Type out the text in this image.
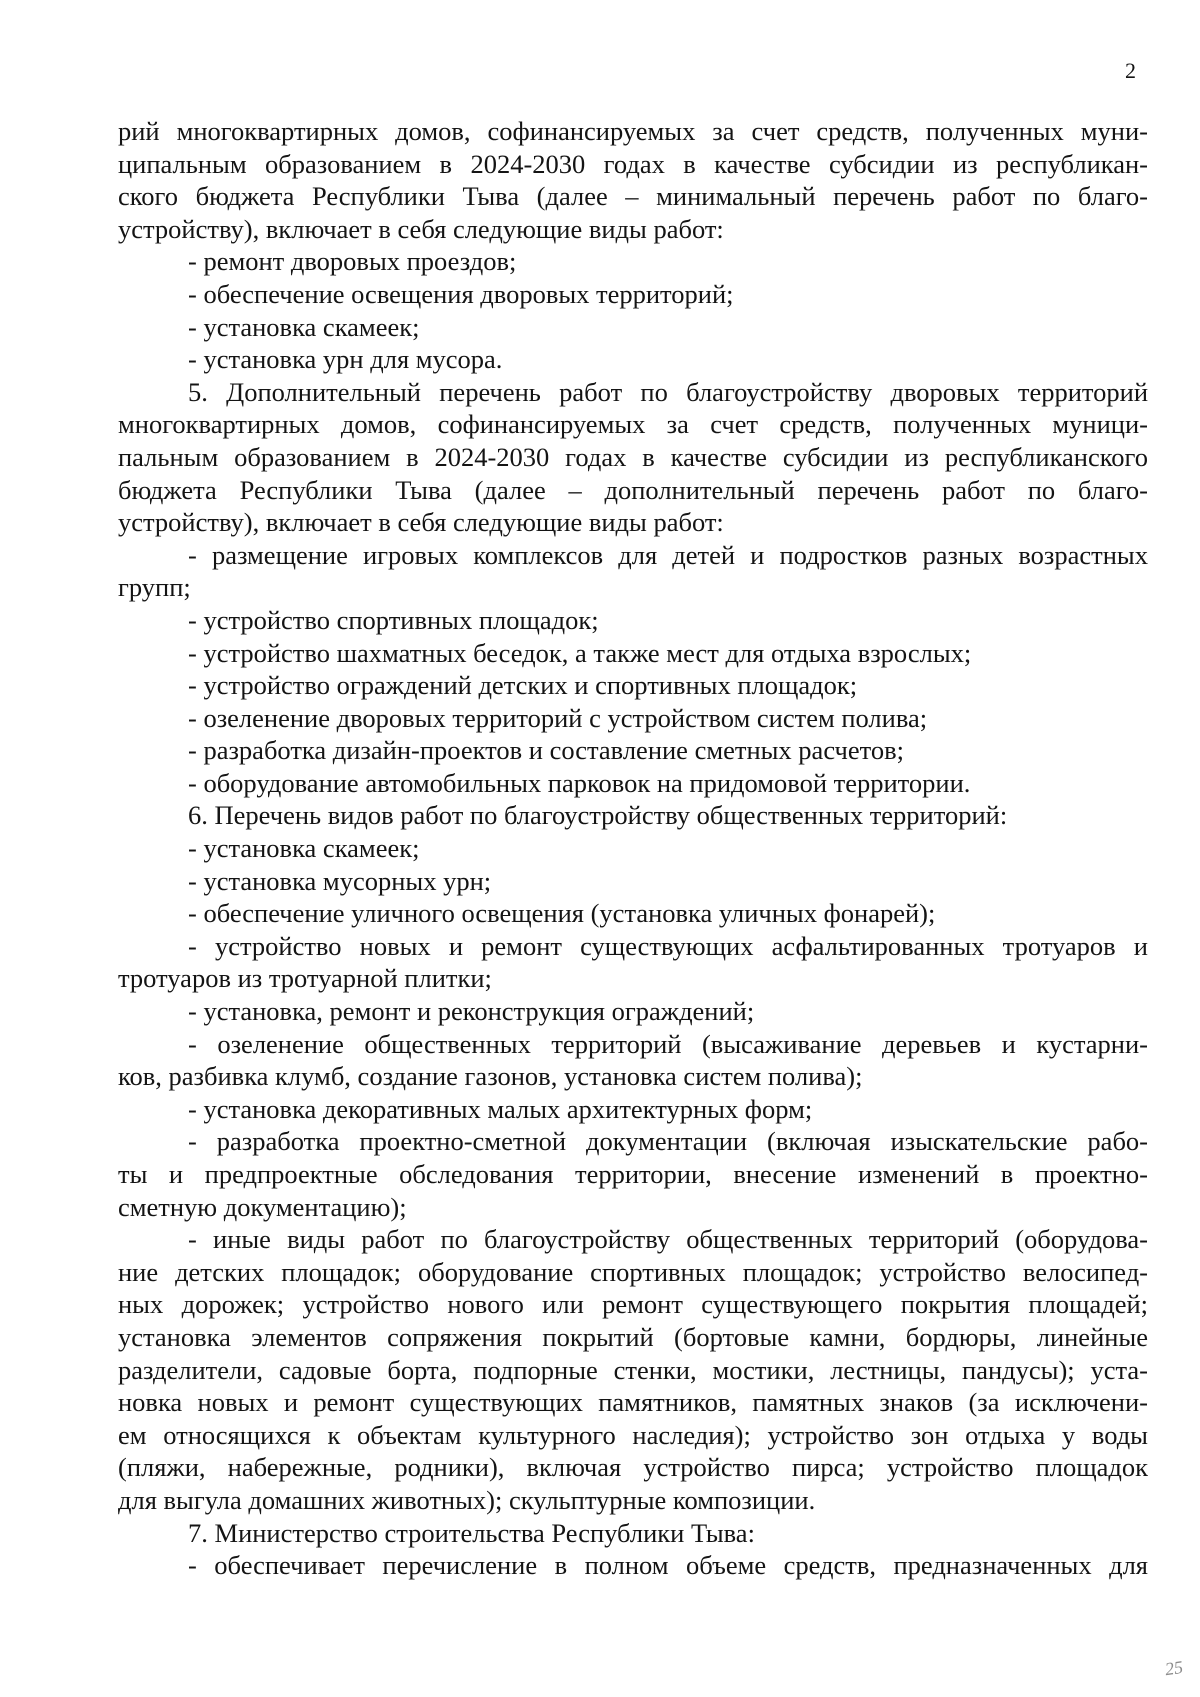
2
рий многоквартирных домов, софинансируемых за счет средств, полученных муни-
ципальным образованием в 2024-2030 годах в качестве субсидии из республикан-
ского бюджета Республики Тыва (далее – минимальный перечень работ по благо-
устройству), включает в себя следующие виды работ:
- ремонт дворовых проездов;
- обеспечение освещения дворовых территорий;
- установка скамеек;
- установка урн для мусора.
5. Дополнительный перечень работ по благоустройству дворовых территорий
многоквартирных домов, софинансируемых за счет средств, полученных муници-
пальным образованием в 2024-2030 годах в качестве субсидии из республиканского
бюджета Республики Тыва (далее – дополнительный перечень работ по благо-
устройству), включает в себя следующие виды работ:
- размещение игровых комплексов для детей и подростков разных возрастных
групп;
- устройство спортивных площадок;
- устройство шахматных беседок, а также мест для отдыха взрослых;
- устройство ограждений детских и спортивных площадок;
- озеленение дворовых территорий с устройством систем полива;
- разработка дизайн-проектов и составление сметных расчетов;
- оборудование автомобильных парковок на придомовой территории.
6. Перечень видов работ по благоустройству общественных территорий:
- установка скамеек;
- установка мусорных урн;
- обеспечение уличного освещения (установка уличных фонарей);
- устройство новых и ремонт существующих асфальтированных тротуаров и
тротуаров из тротуарной плитки;
- установка, ремонт и реконструкция ограждений;
- озеленение общественных территорий (высаживание деревьев и кустарни-
ков, разбивка клумб, создание газонов, установка систем полива);
- установка декоративных малых архитектурных форм;
- разработка проектно-сметной документации (включая изыскательские рабо-
ты и предпроектные обследования территории, внесение изменений в проектно-
сметную документацию);
- иные виды работ по благоустройству общественных территорий (оборудова-
ние детских площадок; оборудование спортивных площадок; устройство велосипед-
ных дорожек; устройство нового или ремонт существующего покрытия площадей;
установка элементов сопряжения покрытий (бортовые камни, бордюры, линейные
разделители, садовые борта, подпорные стенки, мостики, лестницы, пандусы); уста-
новка новых и ремонт существующих памятников, памятных знаков (за исключени-
ем относящихся к объектам культурного наследия); устройство зон отдыха у воды
(пляжи, набережные, родники), включая устройство пирса; устройство площадок
для выгула домашних животных); скульптурные композиции.
7. Министерство строительства Республики Тыва:
- обеспечивает перечисление в полном объеме средств, предназначенных для
25
